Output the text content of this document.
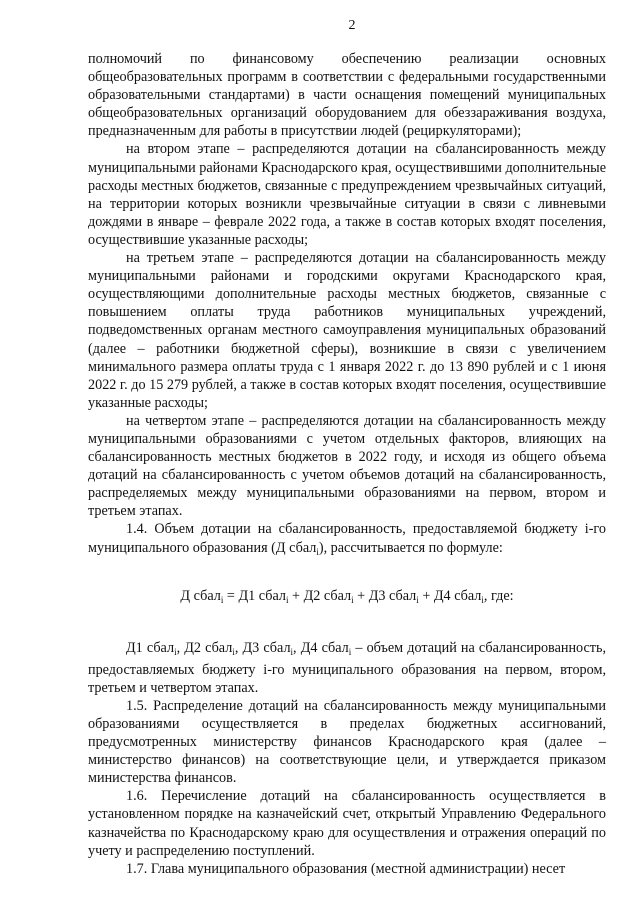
2

полномочий по финансовому обеспечению реализации основных общеобразовательных программ в соответствии с федеральными государственными образовательными стандартами) в части оснащения помещений муниципальных общеобразовательных организаций оборудованием для обеззараживания воздуха, предназначенным для работы в присутствии людей (рециркуляторами);

на втором этапе – распределяются дотации на сбалансированность между муниципальными районами Краснодарского края, осуществившими дополнительные расходы местных бюджетов, связанные с предупреждением чрезвычайных ситуаций, на территории которых возникли чрезвычайные ситуации в связи с ливневыми дождями в январе – феврале 2022 года, а также в состав которых входят поселения, осуществившие указанные расходы;

на третьем этапе – распределяются дотации на сбалансированность между муниципальными районами и городскими округами Краснодарского края, осуществляющими дополнительные расходы местных бюджетов, связанные с повышением оплаты труда работников муниципальных учреждений, подведомственных органам местного самоуправления муниципальных образований (далее – работники бюджетной сферы), возникшие в связи с увеличением минимального размера оплаты труда с 1 января 2022 г. до 13 890 рублей и с 1 июня 2022 г. до 15 279 рублей, а также в состав которых входят поселения, осуществившие указанные расходы;

на четвертом этапе – распределяются дотации на сбалансированность между муниципальными образованиями с учетом отдельных факторов, влияющих на сбалансированность местных бюджетов в 2022 году, и исходя из общего объема дотаций на сбалансированность с учетом объемов дотаций на сбалансированность, распределяемых между муниципальными образованиями на первом, втором и третьем этапах.

1.4. Объем дотации на сбалансированность, предоставляемой бюджету i-го муниципального образования (Д сбал$_i$), рассчитывается по формуле:

Д сбал$_i$ = Д1 сбал$_i$ + Д2 сбал$_i$ + Д3 сбал$_i$ + Д4 сбал$_i$, где:

Д1 сбал$_i$, Д2 сбал$_i$, Д3 сбал$_i$, Д4 сбал$_i$ – объем дотаций на сбалансированность, предоставляемых бюджету i-го муниципального образования на первом, втором, третьем и четвертом этапах.

1.5. Распределение дотаций на сбалансированность между муниципальными образованиями осуществляется в пределах бюджетных ассигнований, предусмотренных министерству финансов Краснодарского края (далее – министерство финансов) на соответствующие цели, и утверждается приказом министерства финансов.

1.6. Перечисление дотаций на сбалансированность осуществляется в установленном порядке на казначейский счет, открытый Управлению Федерального казначейства по Краснодарскому краю для осуществления и отражения операций по учету и распределению поступлений.

1.7. Глава муниципального образования (местной администрации) несет
